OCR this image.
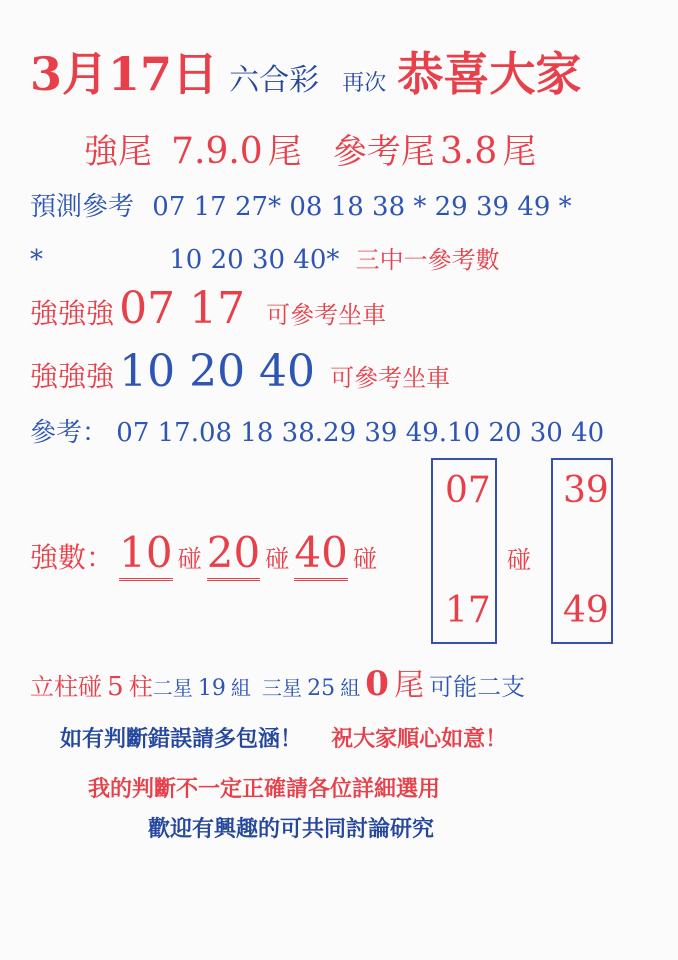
3月17日 六合彩 再次 恭喜大家
強尾 7.9.0 尾 參考尾 3.8 尾
預測參考 07 17 27* 08 18 38 * 29 39 49 *
*	10 20 30 40* 三中一參考數
強強強 07 17 可參考坐車
強強強 10 20 40 可參考坐車
參考： 07 17.08 18 38.29 39 49.10 20 30 40
強數： 10 碰 20 碰 40 碰
07
17
碰
39
49
立柱碰 5 柱二星 19 組 三星 25 組 0 尾 可能二支
如有判斷錯誤請多包涵！ 祝大家順心如意！
我的判斷不一定正確請各位詳細選用
歡迎有興趣的可共同討論研究
